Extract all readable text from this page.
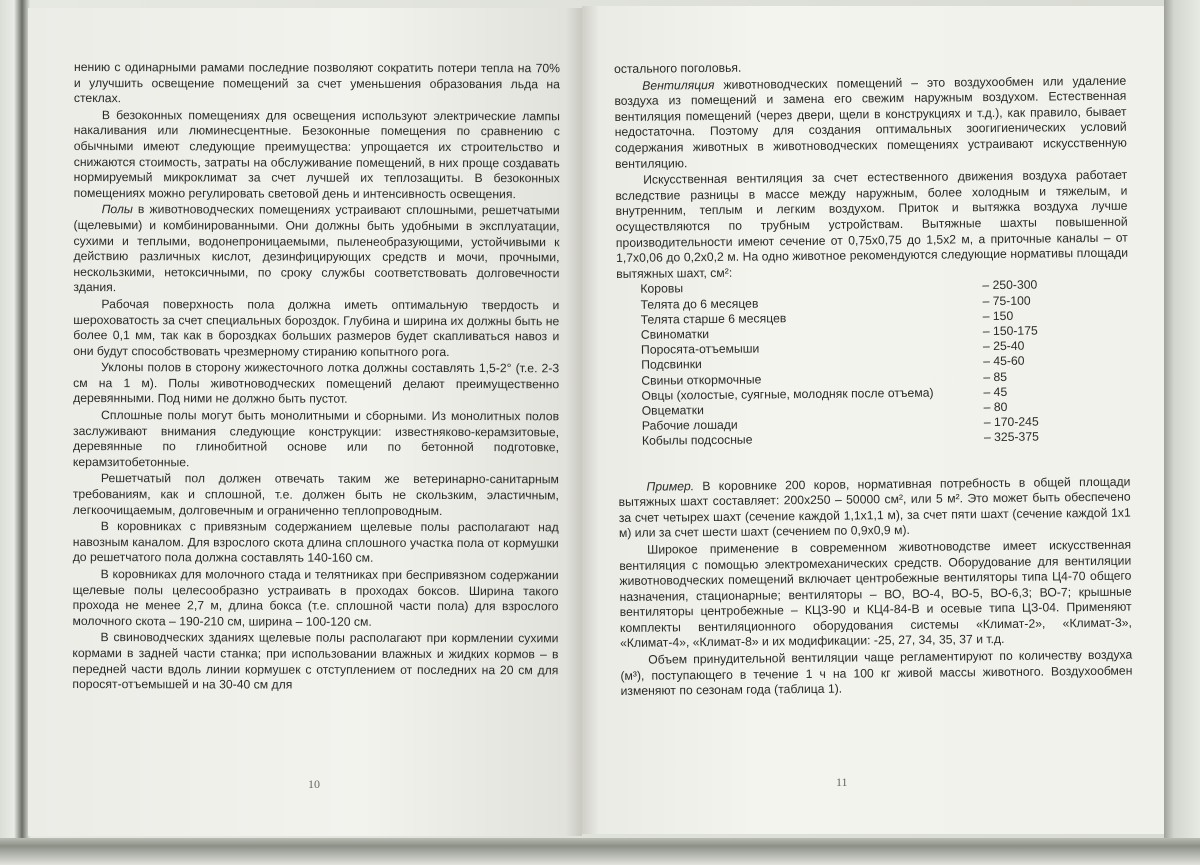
нению с одинарными рамами последние позволяют сократить потери тепла на 70% и улучшить освещение помещений за счет уменьшения образования льда на стеклах.

В безоконных помещениях для освещения используют электрические лампы накаливания или люминесцентные. Безоконные помещения по сравнению с обычными имеют следующие преимущества: упрощается их строительство и снижаются стоимость, затраты на обслуживание помещений, в них проще создавать нормируемый микроклимат за счет лучшей их теплозащиты. В безоконных помещениях можно регулировать световой день и интенсивность освещения.

Полы в животноводческих помещениях устраивают сплошными, решетчатыми (щелевыми) и комбинированными. Они должны быть удобными в эксплуатации, сухими и теплыми, водонепроницаемыми, пыленеобразующими, устойчивыми к действию различных кислот, дезинфицирующих средств и мочи, прочными, нескользкими, нетоксичными, по сроку службы соответствовать долговечности здания.

Рабочая поверхность пола должна иметь оптимальную твердость и шероховатость за счет специальных бороздок. Глубина и ширина их должны быть не более 0,1 мм, так как в бороздках больших размеров будет скапливаться навоз и они будут способствовать чрезмерному стиранию копытного рога.

Уклоны полов в сторону жижесточного лотка должны составлять 1,5-2° (т.е. 2-3 см на 1 м). Полы животноводческих помещений делают преимущественно деревянными. Под ними не должно быть пустот.

Сплошные полы могут быть монолитными и сборными. Из монолитных полов заслуживают внимания следующие конструкции: известняково-керамзитовые, деревянные по глинобитной основе или по бетонной подготовке, керамзитобетонные.

Решетчатый пол должен отвечать таким же ветеринарно-санитарным требованиям, как и сплошной, т.е. должен быть не скользким, эластичным, легкоочищаемым, долговечным и ограниченно теплопроводным.

В коровниках с привязным содержанием щелевые полы располагают над навозным каналом. Для взрослого скота длина сплошного участка пола от кормушки до решетчатого пола должна составлять 140-160 см.

В коровниках для молочного стада и телятниках при беспривязном содержании щелевые полы целесообразно устраивать в проходах боксов. Ширина такого прохода не менее 2,7 м, длина бокса (т.е. сплошной части пола) для взрослого молочного скота – 190-210 см, ширина – 100-120 см.

В свиноводческих зданиях щелевые полы располагают при кормлении сухими кормами в задней части станка; при использовании влажных и жидких кормов – в передней части вдоль линии кормушек с отступлением от последних на 20 см для поросят-отъемышей и на 30-40 см для

10

остального поголовья.

Вентиляция животноводческих помещений – это воздухообмен или удаление воздуха из помещений и замена его свежим наружным воздухом. Естественная вентиляция помещений (через двери, щели в конструкциях и т.д.), как правило, бывает недостаточна. Поэтому для создания оптимальных зоогигиенических условий содержания животных в животноводческих помещениях устраивают искусственную вентиляцию.

Искусственная вентиляция за счет естественного движения воздуха работает вследствие разницы в массе между наружным, более холодным и тяжелым, и внутренним, теплым и легким воздухом. Приток и вытяжка воздуха лучше осуществляются по трубным устройствам. Вытяжные шахты повышенной производительности имеют сечение от 0,75х0,75 до 1,5х2 м, а приточные каналы – от 1,7х0,06 до 0,2х0,2 м. На одно животное рекомендуются следующие нормативы площади вытяжных шахт, см²:

Коровы	– 250-300
Телята до 6 месяцев	– 75-100
Телята старше 6 месяцев	– 150
Свиноматки	– 150-175
Поросята-отъемыши	– 25-40
Подсвинки	– 45-60
Свиньи откормочные	– 85
Овцы (холостые, суягные, молодняк после отъема)	– 45
Овцематки	– 80
Рабочие лошади	– 170-245
Кобылы подсосные	– 325-375

Пример. В коровнике 200 коров, нормативная потребность в общей площади вытяжных шахт составляет: 200х250 – 50000 см², или 5 м². Это может быть обеспечено за счет четырех шахт (сечение каждой 1,1х1,1 м), за счет пяти шахт (сечение каждой 1х1 м) или за счет шести шахт (сечением по 0,9х0,9 м).

Широкое применение в современном животноводстве имеет искусственная вентиляция с помощью электромеханических средств. Оборудование для вентиляции животноводческих помещений включает центробежные вентиляторы типа Ц4-70 общего назначения, стационарные; вентиляторы – ВО, ВО-4, ВО-5, ВО-6,3; ВО-7; крышные вентиляторы центробежные – КЦЗ-90 и КЦ4-84-В и осевые типа ЦЗ-04. Применяют комплекты вентиляционного оборудования системы «Климат-2», «Климат-3», «Климат-4», «Климат-8» и их модификации: -25, 27, 34, 35, 37 и т.д.

Объем принудительной вентиляции чаще регламентируют по количеству воздуха (м³), поступающего в течение 1 ч на 100 кг живой массы животного. Воздухообмен изменяют по сезонам года (таблица 1).

11
